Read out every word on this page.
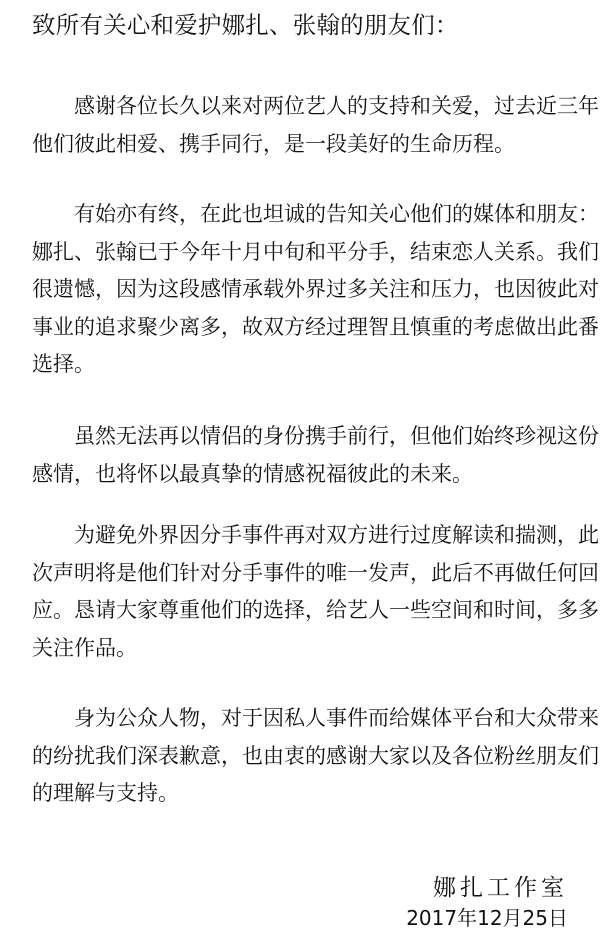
致所有关心和爱护娜扎、张翰的朋友们：
　　感谢各位长久以来对两位艺人的支持和关爱，过去近三年
他们彼此相爱、携手同行，是一段美好的生命历程。
　　有始亦有终，在此也坦诚的告知关心他们的媒体和朋友：
娜扎、张翰已于今年十月中旬和平分手，结束恋人关系。我们
很遗憾，因为这段感情承载外界过多关注和压力，也因彼此对
事业的追求聚少离多，故双方经过理智且慎重的考虑做出此番
选择。
　　虽然无法再以情侣的身份携手前行，但他们始终珍视这份
感情，也将怀以最真挚的情感祝福彼此的未来。
　　为避免外界因分手事件再对双方进行过度解读和揣测，此
次声明将是他们针对分手事件的唯一发声，此后不再做任何回
应。恳请大家尊重他们的选择，给艺人一些空间和时间，多多
关注作品。
　　身为公众人物，对于因私人事件而给媒体平台和大众带来
的纷扰我们深表歉意，也由衷的感谢大家以及各位粉丝朋友们
的理解与支持。
娜扎工作室
2017年12月25日
